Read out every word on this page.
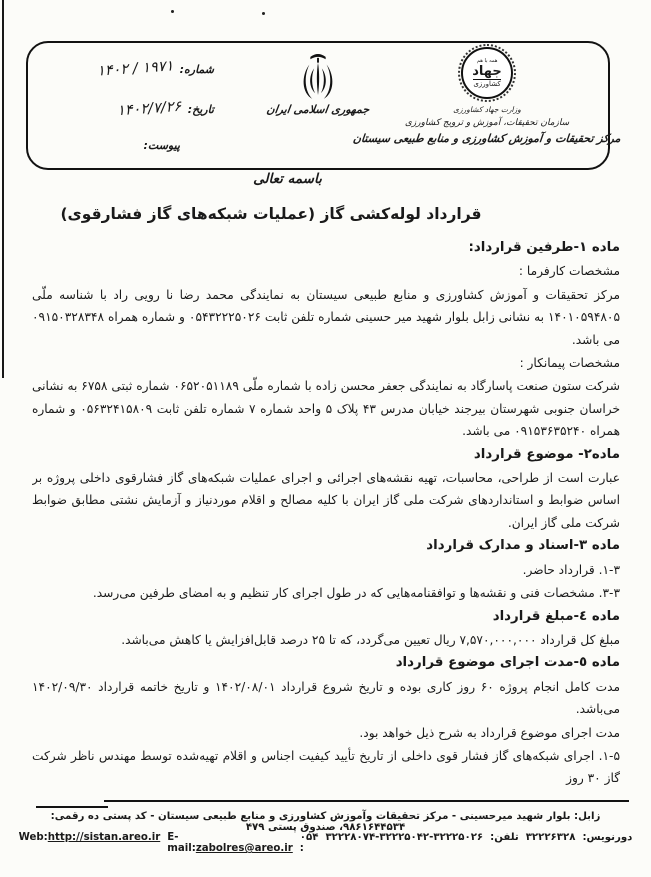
شماره:
۱۴۰۲ / ۱۹۷۱
تاریخ:
۱۴۰۲/۷/۲۶
پیوست:
جمهوری اسلامی ایران
همه با هم
جهاد
کشاورزی
وزارت جهاد کشاورزی
سازمان تحقیقات، آموزش و ترویج کشاورزی
مرکز تحقیقات و آموزش کشاورزی و منابع طبیعی سیستان
باسمه تعالی
قرارداد لوله‌کشی گاز (عملیات شبکه‌های گاز فشارقوی)

ماده ۱-طرفین قرارداد:

مشخصات کارفرما :

مرکز تحقیقات و آموزش کشاورزی و منابع طبیعی سیستان به نمایندگی محمد رضا نا رویی راد با شناسه ملّی ۱۴۰۱۰۵۹۴۸۰۵ به نشانی زابل بلوار شهید میر حسینی شماره تلفن ثابت ۰۵۴۳۲۲۲۵۰۲۶ و شماره همراه ۰۹۱۵۰۳۲۸۳۴۸ می باشد.

مشخصات پیمانکار :

شرکت ستون صنعت پاسارگاد به نمایندگی جعفر محسن زاده با شماره ملّی ۰۶۵۲۰۵۱۱۸۹ شماره ثبتی ۶۷۵۸ به نشانی خراسان جنوبی شهرستان بیرجند خیابان مدرس ۴۳ پلاک ۵ واحد شماره ۷ شماره تلفن ثابت ۰۵۶۳۲۴۱۵۸۰۹ و شماره همراه ۰۹۱۵۳۶۳۵۲۴۰ می باشد.

ماده۲- موضوع قرارداد

عبارت است از طراحی، محاسبات، تهیه نقشه‌های اجرائی و اجرای عملیات شبکه‌های گاز فشارقوی داخلی پروژه بر اساس ضوابط و استانداردهای شرکت ملی گاز ایران با کلیه مصالح و اقلام موردنیاز و آزمایش نشتی مطابق ضوابط شرکت ملی گاز ایران.

ماده ۳-اسناد و مدارک قرارداد

۳‏-‏۱. قرارداد حاضر.

۳‏-‏۳. مشخصات فنی و نقشه‌ها و توافقنامه‌هایی که در طول اجرای کار تنظیم و به امضای طرفین می‌رسد.

ماده ٤-مبلغ قرارداد

مبلغ کل قرارداد ۷,۵۷۰,۰۰۰,۰۰۰ ریال تعیین می‌گردد، که تا ۲۵ درصد قابل‌افزایش یا کاهش می‌باشد.

ماده ٥-مدت اجرای موضوع قرارداد

مدت کامل انجام پروژه ۶۰ روز کاری بوده و تاریخ شروع قرارداد ۱۴۰۲/۰۸/۰۱ و تاریخ خاتمه قرارداد ۱۴۰۲/۰۹/۳۰ می‌باشد.

مدت اجرای موضوع قرارداد به شرح ذیل خواهد بود.

۵‏-‏۱. اجرای شبکه‌های گاز فشار قوی داخلی از تاریخ تأیید کیفیت اجناس و اقلام تهیه‌شده توسط مهندس ناظر شرکت گاز ۳۰ روز

زابل: بلوار شهید میرحسینی - مرکز تحقیقات وآموزش کشاورزی و منابع طبیعی سیستان - کد پستی ده رقمی: ۹۸۶۱۶۴۴۵۳۴، صندوق پستی ۴۷۹
دورنویس:
۳۲۲۲۶۳۲۸
تلفن:
۳۲۲۲۸۰۷۴-۳۲۲۲۵۰۴۲-۳۲۲۲۵۰۲۶
۰۵۴ :
E-mail:zabolres@areo.ir
Web:http://sistan.areo.ir
